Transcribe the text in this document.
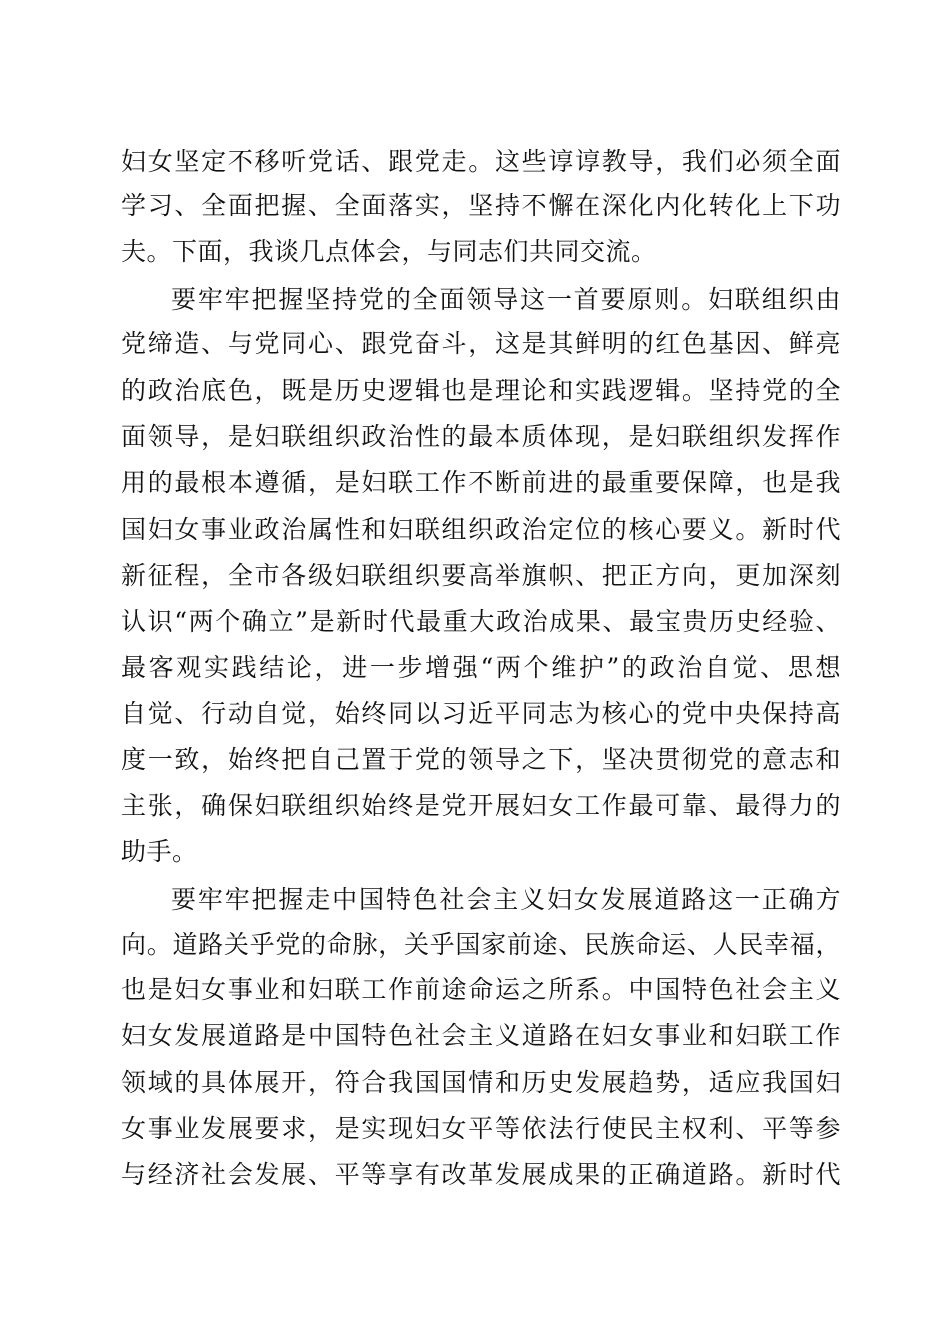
妇女坚定不移听党话、跟党走。这些谆谆教导，我们必须全面
学习、全面把握、全面落实，坚持不懈在深化内化转化上下功
夫。下面，我谈几点体会，与同志们共同交流。
要牢牢把握坚持党的全面领导这一首要原则。妇联组织由
党缔造、与党同心、跟党奋斗，这是其鲜明的红色基因、鲜亮
的政治底色，既是历史逻辑也是理论和实践逻辑。坚持党的全
面领导，是妇联组织政治性的最本质体现，是妇联组织发挥作
用的最根本遵循，是妇联工作不断前进的最重要保障，也是我
国妇女事业政治属性和妇联组织政治定位的核心要义。新时代
新征程，全市各级妇联组织要高举旗帜、把正方向，更加深刻
认识“两个确立”是新时代最重大政治成果、最宝贵历史经验、
最客观实践结论，进一步增强“两个维护”的政治自觉、思想
自觉、行动自觉，始终同以习近平同志为核心的党中央保持高
度一致，始终把自己置于党的领导之下，坚决贯彻党的意志和
主张，确保妇联组织始终是党开展妇女工作最可靠、最得力的
助手。
要牢牢把握走中国特色社会主义妇女发展道路这一正确方
向。道路关乎党的命脉，关乎国家前途、民族命运、人民幸福，
也是妇女事业和妇联工作前途命运之所系。中国特色社会主义
妇女发展道路是中国特色社会主义道路在妇女事业和妇联工作
领域的具体展开，符合我国国情和历史发展趋势，适应我国妇
女事业发展要求，是实现妇女平等依法行使民主权利、平等参
与经济社会发展、平等享有改革发展成果的正确道路。新时代
